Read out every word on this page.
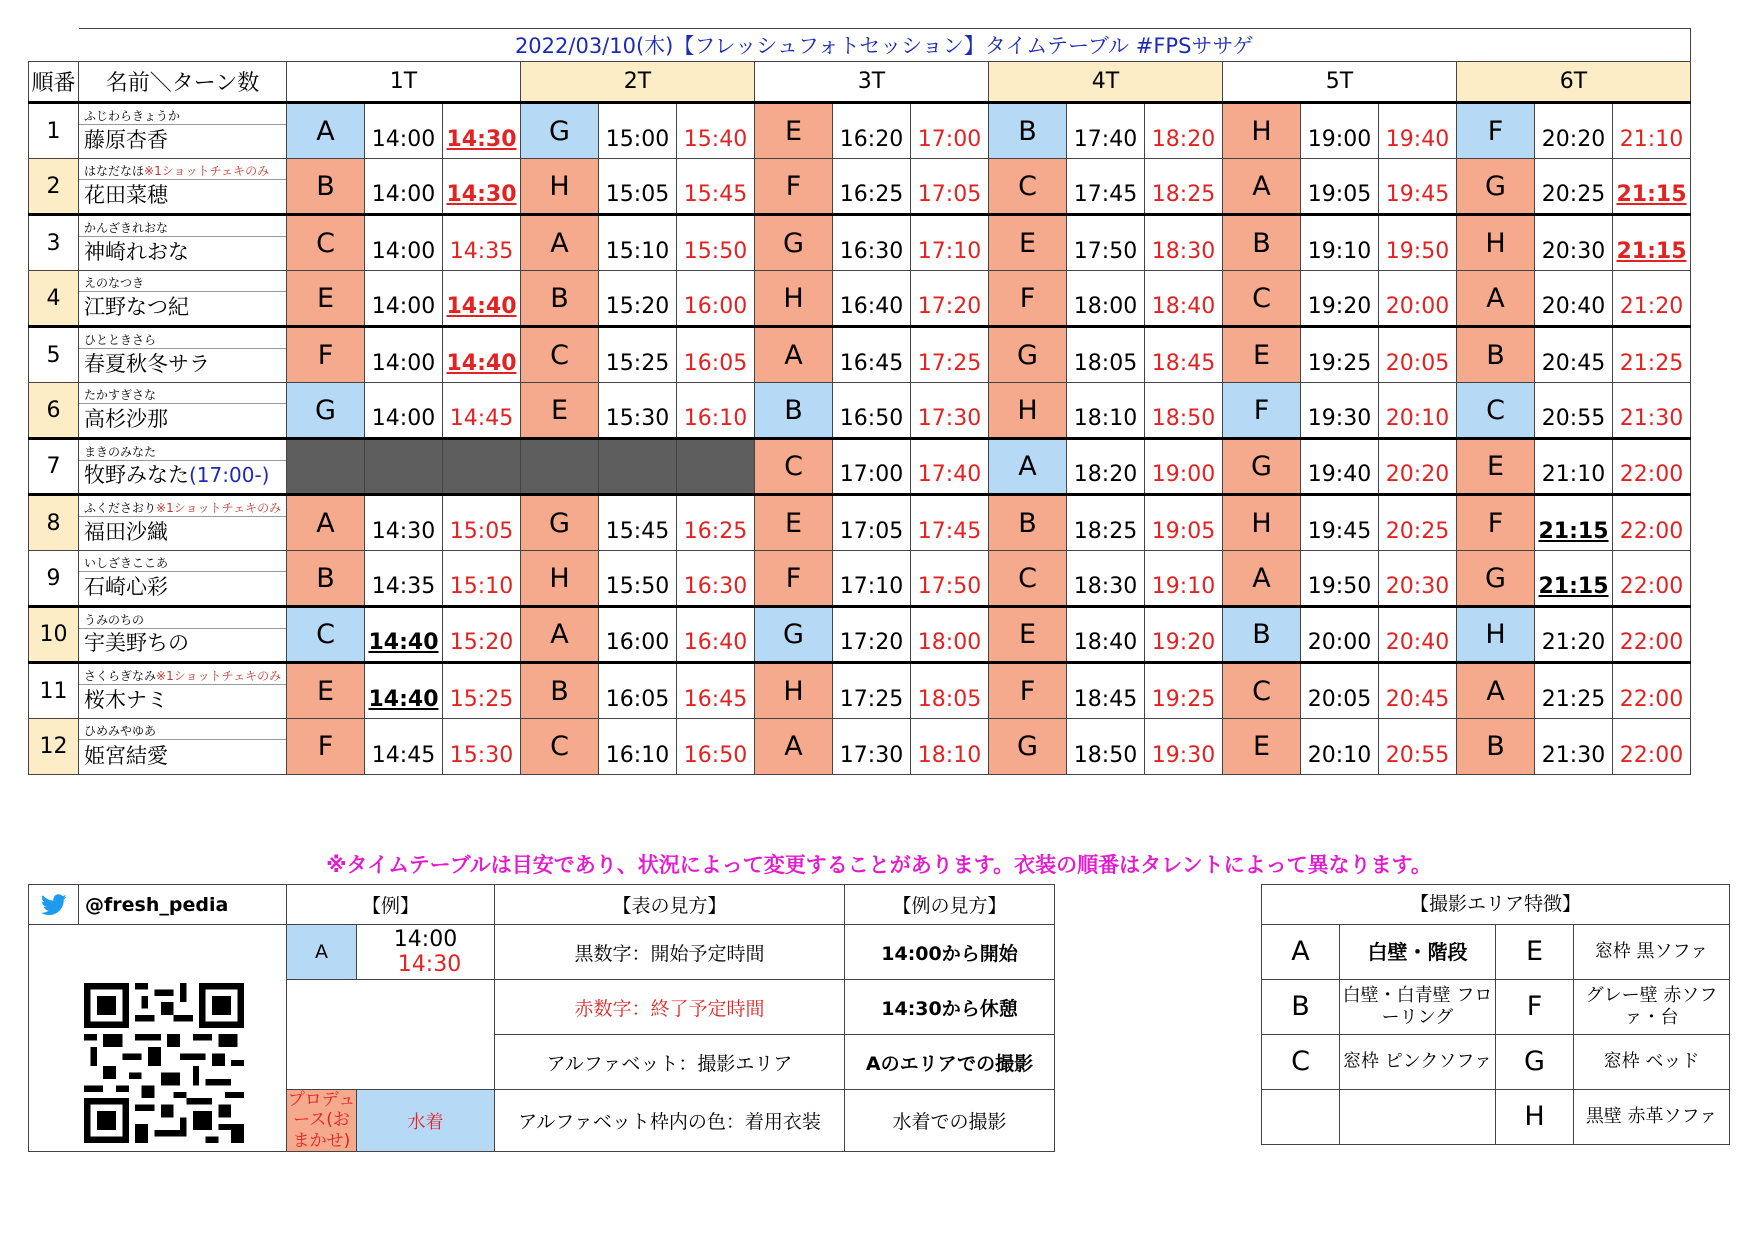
	2022/03/10(木)【フレッシュフォトセッション】タイムテーブル #FPSササゲ																		
順番	名前＼ターン数	1T			2T			3T			4T			5T			6T		
1	ふじわらきょうか
藤原杏香	A	14:00	14:30	G	15:00	15:40	E	16:20	17:00	B	17:40	18:20	H	19:00	19:40	F	20:20	21:10
2	はなだなほ※1ショットチェキのみ
花田菜穂	B	14:00	14:30	H	15:05	15:45	F	16:25	17:05	C	17:45	18:25	A	19:05	19:45	G	20:25	21:15
3	かんざきれおな
神崎れおな	C	14:00	14:35	A	15:10	15:50	G	16:30	17:10	E	17:50	18:30	B	19:10	19:50	H	20:30	21:15
4	えのなつき
江野なつ紀	E	14:00	14:40	B	15:20	16:00	H	16:40	17:20	F	18:00	18:40	C	19:20	20:00	A	20:40	21:20
5	ひとときさら
春夏秋冬サラ	F	14:00	14:40	C	15:25	16:05	A	16:45	17:25	G	18:05	18:45	E	19:25	20:05	B	20:45	21:25
6	たかすぎさな
高杉沙那	G	14:00	14:45	E	15:30	16:10	B	16:50	17:30	H	18:10	18:50	F	19:30	20:10	C	20:55	21:30
7	まきのみなた
牧野みなた(17:00-)							C	17:00	17:40	A	18:20	19:00	G	19:40	20:20	E	21:10	22:00
8	ふくださおり※1ショットチェキのみ
福田沙織	A	14:30	15:05	G	15:45	16:25	E	17:05	17:45	B	18:25	19:05	H	19:45	20:25	F	21:15	22:00
9	いしざきここあ
石崎心彩	B	14:35	15:10	H	15:50	16:30	F	17:10	17:50	C	18:30	19:10	A	19:50	20:30	G	21:15	22:00
10	うみのちの
宇美野ちの	C	14:40	15:20	A	16:00	16:40	G	17:20	18:00	E	18:40	19:20	B	20:00	20:40	H	21:20	22:00
11	さくらぎなみ※1ショットチェキのみ
桜木ナミ	E	14:40	15:25	B	16:05	16:45	H	17:25	18:05	F	18:45	19:25	C	20:05	20:45	A	21:25	22:00
12	ひめみやゆあ
姫宮結愛	F	14:45	15:30	C	16:10	16:50	A	17:30	18:10	G	18:50	19:30	E	20:10	20:55	B	21:30	22:00
※タイムテーブルは目安であり、状況によって変更することがあります。衣装の順番はタレントによって異なります。
	@fresh_pedia	【例】		【表の見方】	【例の見方】

	A	14:00 14:30	黒数字：開始予定時間	14:00から開始
				赤数字：終了予定時間	14:30から休憩
				アルファベット：撮影エリア	Aのエリアでの撮影
		プロデュース(おまかせ)	水着	アルファベット枠内の色：着用衣装	水着での撮影
【撮影エリア特徴】			
A	白壁・階段	E	窓枠 黒ソファ
B	白壁・白青壁 フローリング	F	グレー壁 赤ソファ・台
C	窓枠 ピンクソファ	G	窓枠 ベッド
		H	黒壁 赤革ソファ
